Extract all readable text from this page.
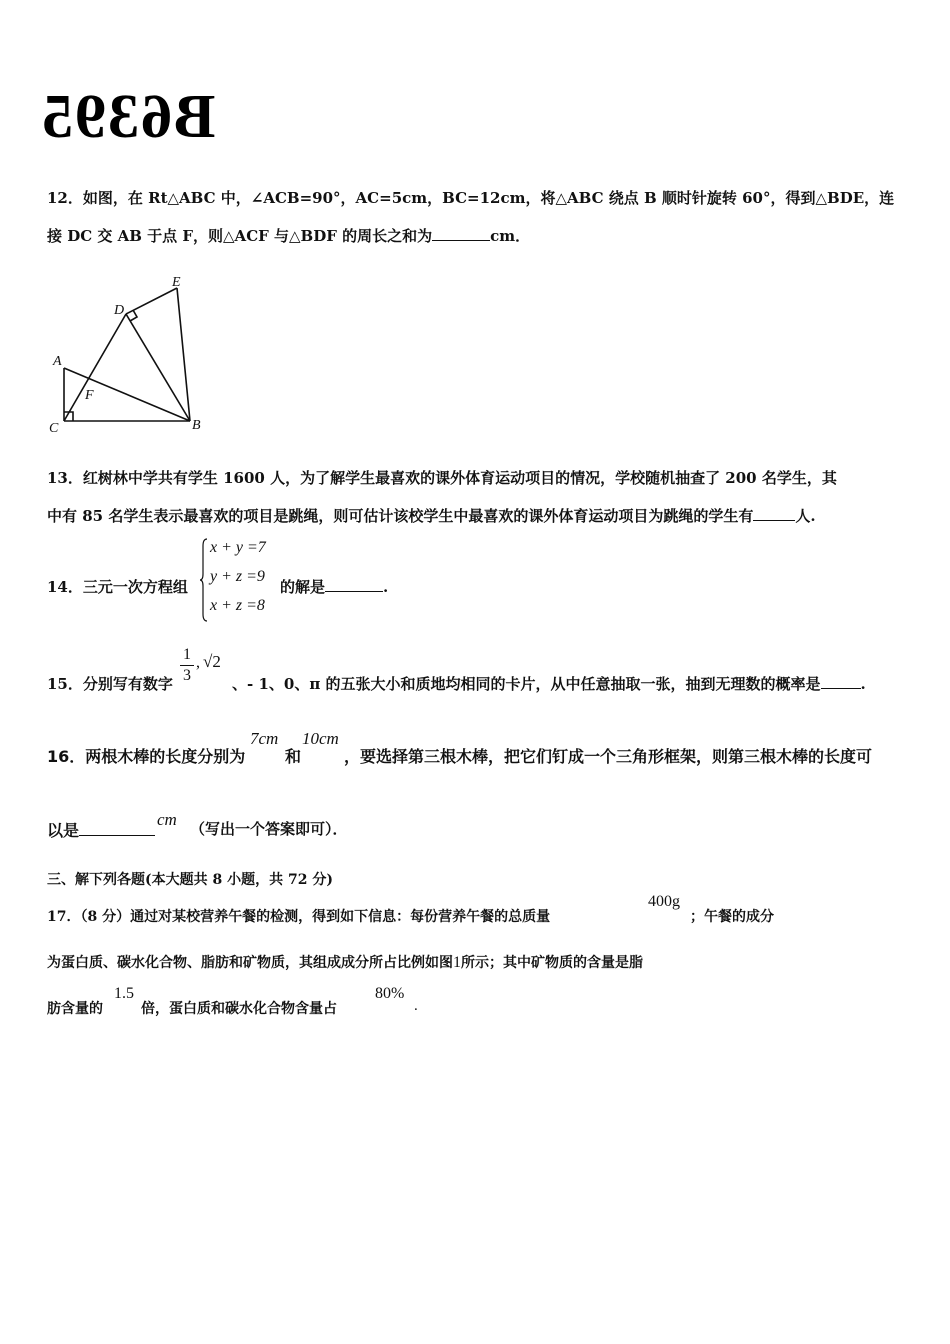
B6395
12．如图，在 Rt△ABC 中，∠ACB=90°，AC=5cm，BC=12cm，将△ABC 绕点 B 顺时针旋转 60°，得到△BDE，连
接 DC 交 AB 于点 F，则△ACF 与△BDF 的周长之和为	cm．
A
C	B
D
E
F
13．红树林中学共有学生 1600 人，为了解学生最喜欢的课外体育运动项目的情况，学校随机抽查了 200 名学生，其
中有 85 名学生表示最喜欢的项目是跳绳，则可估计该校学生中最喜欢的课外体育运动项目为跳绳的学生有	人.
14．三元一次方程组
x + y =7
y + z =9
x + z =8
的解是	.
15．分别写有数字
1
3
, √2
、- 1、0、π 的五张大小和质地均相同的卡片，从中任意抽取一张，抽到无理数的概率是	.
16．两根木棒的长度分别为
7cm
和
10cm
，要选择第三根木棒，把它们钉成一个三角形框架，则第三根木棒的长度可
以是
cm （写出一个答案即可）．
三、解下列各题(本大题共 8 小题，共 72 分)
17．（8 分）通过对某校营养午餐的检测，得到如下信息：每份营养午餐的总质量
400g
；午餐的成分
为蛋白质、碳水化合物、脂肪和矿物质，其组成成分所占比例如图1所示；其中矿物质的含量是脂
肪含量的
1.5
倍，蛋白质和碳水化合物含量占
80%
.
